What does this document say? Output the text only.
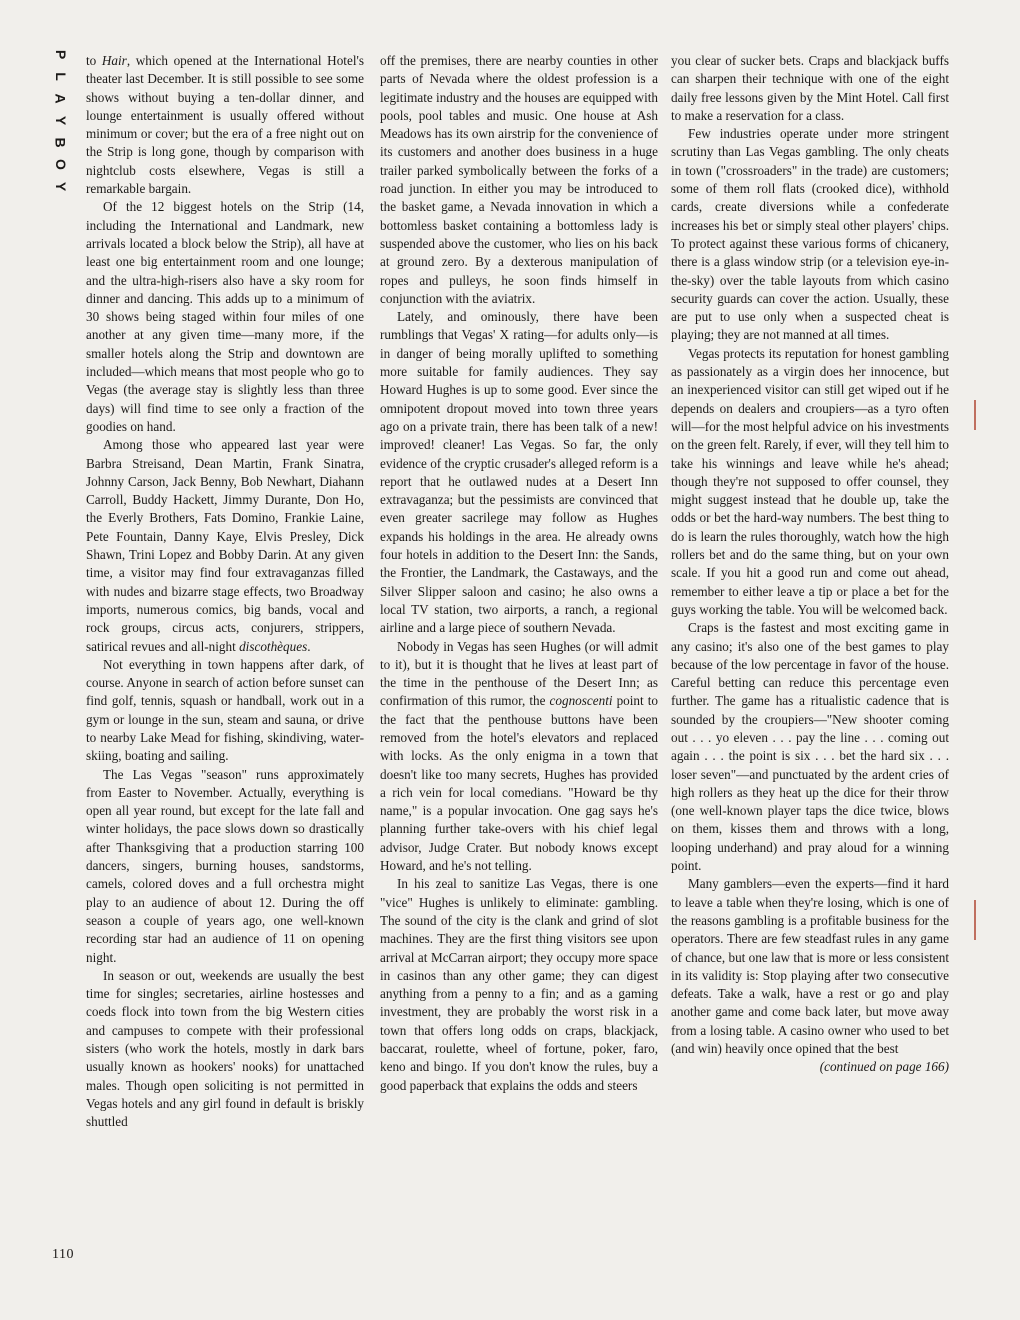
P
L
A
Y
B
O
Y

to Hair, which opened at the International Hotel's theater last December. It is still possible to see some shows without buying a ten-dollar dinner, and lounge entertainment is usually offered without minimum or cover; but the era of a free night out on the Strip is long gone, though by comparison with nightclub costs elsewhere, Vegas is still a remarkable bargain.

Of the 12 biggest hotels on the Strip (14, including the International and Landmark, new arrivals located a block below the Strip), all have at least one big entertainment room and one lounge; and the ultra-high-risers also have a sky room for dinner and dancing. This adds up to a minimum of 30 shows being staged within four miles of one another at any given time—many more, if the smaller hotels along the Strip and downtown are included—which means that most people who go to Vegas (the average stay is slightly less than three days) will find time to see only a fraction of the goodies on hand.

Among those who appeared last year were Barbra Streisand, Dean Martin, Frank Sinatra, Johnny Carson, Jack Benny, Bob Newhart, Diahann Carroll, Buddy Hackett, Jimmy Durante, Don Ho, the Everly Brothers, Fats Domino, Frankie Laine, Pete Fountain, Danny Kaye, Elvis Presley, Dick Shawn, Trini Lopez and Bobby Darin. At any given time, a visitor may find four extravaganzas filled with nudes and bizarre stage effects, two Broadway imports, numerous comics, big bands, vocal and rock groups, circus acts, conjurers, strippers, satirical revues and all-night discothèques.

Not everything in town happens after dark, of course. Anyone in search of action before sunset can find golf, tennis, squash or handball, work out in a gym or lounge in the sun, steam and sauna, or drive to nearby Lake Mead for fishing, skindiving, water-skiing, boating and sailing.

The Las Vegas "season" runs approximately from Easter to November. Actually, everything is open all year round, but except for the late fall and winter holidays, the pace slows down so drastically after Thanksgiving that a production starring 100 dancers, singers, burning houses, sandstorms, camels, colored doves and a full orchestra might play to an audience of about 12. During the off season a couple of years ago, one well-known recording star had an audience of 11 on opening night.

In season or out, weekends are usually the best time for singles; secretaries, airline hostesses and coeds flock into town from the big Western cities and campuses to compete with their professional sisters (who work the hotels, mostly in dark bars usually known as hookers' nooks) for unattached males. Though open soliciting is not permitted in Vegas hotels and any girl found in default is briskly shuttled

off the premises, there are nearby counties in other parts of Nevada where the oldest profession is a legitimate industry and the houses are equipped with pools, pool tables and music. One house at Ash Meadows has its own airstrip for the convenience of its customers and another does business in a huge trailer parked symbolically between the forks of a road junction. In either you may be introduced to the basket game, a Nevada innovation in which a bottomless basket containing a bottomless lady is suspended above the customer, who lies on his back at ground zero. By a dexterous manipulation of ropes and pulleys, he soon finds himself in conjunction with the aviatrix.

Lately, and ominously, there have been rumblings that Vegas' X rating—for adults only—is in danger of being morally uplifted to something more suitable for family audiences. They say Howard Hughes is up to some good. Ever since the omnipotent dropout moved into town three years ago on a private train, there has been talk of a new! improved! cleaner! Las Vegas. So far, the only evidence of the cryptic crusader's alleged reform is a report that he outlawed nudes at a Desert Inn extravaganza; but the pessimists are convinced that even greater sacrilege may follow as Hughes expands his holdings in the area. He already owns four hotels in addition to the Desert Inn: the Sands, the Frontier, the Landmark, the Castaways, and the Silver Slipper saloon and casino; he also owns a local TV station, two airports, a ranch, a regional airline and a large piece of southern Nevada.

Nobody in Vegas has seen Hughes (or will admit to it), but it is thought that he lives at least part of the time in the penthouse of the Desert Inn; as confirmation of this rumor, the cognoscenti point to the fact that the penthouse buttons have been removed from the hotel's elevators and replaced with locks. As the only enigma in a town that doesn't like too many secrets, Hughes has provided a rich vein for local comedians. "Howard be thy name," is a popular invocation. One gag says he's planning further take-overs with his chief legal advisor, Judge Crater. But nobody knows except Howard, and he's not telling.

In his zeal to sanitize Las Vegas, there is one "vice" Hughes is unlikely to eliminate: gambling. The sound of the city is the clank and grind of slot machines. They are the first thing visitors see upon arrival at McCarran airport; they occupy more space in casinos than any other game; they can digest anything from a penny to a fin; and as a gaming investment, they are probably the worst risk in a town that offers long odds on craps, blackjack, baccarat, roulette, wheel of fortune, poker, faro, keno and bingo. If you don't know the rules, buy a good paperback that explains the odds and steers

you clear of sucker bets. Craps and blackjack buffs can sharpen their technique with one of the eight daily free lessons given by the Mint Hotel. Call first to make a reservation for a class.

Few industries operate under more stringent scrutiny than Las Vegas gambling. The only cheats in town ("crossroaders" in the trade) are customers; some of them roll flats (crooked dice), withhold cards, create diversions while a confederate increases his bet or simply steal other players' chips. To protect against these various forms of chicanery, there is a glass window strip (or a television eye-in-the-sky) over the table layouts from which casino security guards can cover the action. Usually, these are put to use only when a suspected cheat is playing; they are not manned at all times.

Vegas protects its reputation for honest gambling as passionately as a virgin does her innocence, but an inexperienced visitor can still get wiped out if he depends on dealers and croupiers—as a tyro often will—for the most helpful advice on his investments on the green felt. Rarely, if ever, will they tell him to take his winnings and leave while he's ahead; though they're not supposed to offer counsel, they might suggest instead that he double up, take the odds or bet the hard-way numbers. The best thing to do is learn the rules thoroughly, watch how the high rollers bet and do the same thing, but on your own scale. If you hit a good run and come out ahead, remember to either leave a tip or place a bet for the guys working the table. You will be welcomed back.

Craps is the fastest and most exciting game in any casino; it's also one of the best games to play because of the low percentage in favor of the house. Careful betting can reduce this percentage even further. The game has a ritualistic cadence that is sounded by the croupiers—"New shooter coming out . . . yo eleven . . . pay the line . . . coming out again . . . the point is six . . . bet the hard six . . . loser seven"—and punctuated by the ardent cries of high rollers as they heat up the dice for their throw (one well-known player taps the dice twice, blows on them, kisses them and throws with a long, looping underhand) and pray aloud for a winning point.

Many gamblers—even the experts—find it hard to leave a table when they're losing, which is one of the reasons gambling is a profitable business for the operators. There are few steadfast rules in any game of chance, but one law that is more or less consistent in its validity is: Stop playing after two consecutive defeats. Take a walk, have a rest or go and play another game and come back later, but move away from a losing table. A casino owner who used to bet (and win) heavily once opined that the best

(continued on page 166)

110
